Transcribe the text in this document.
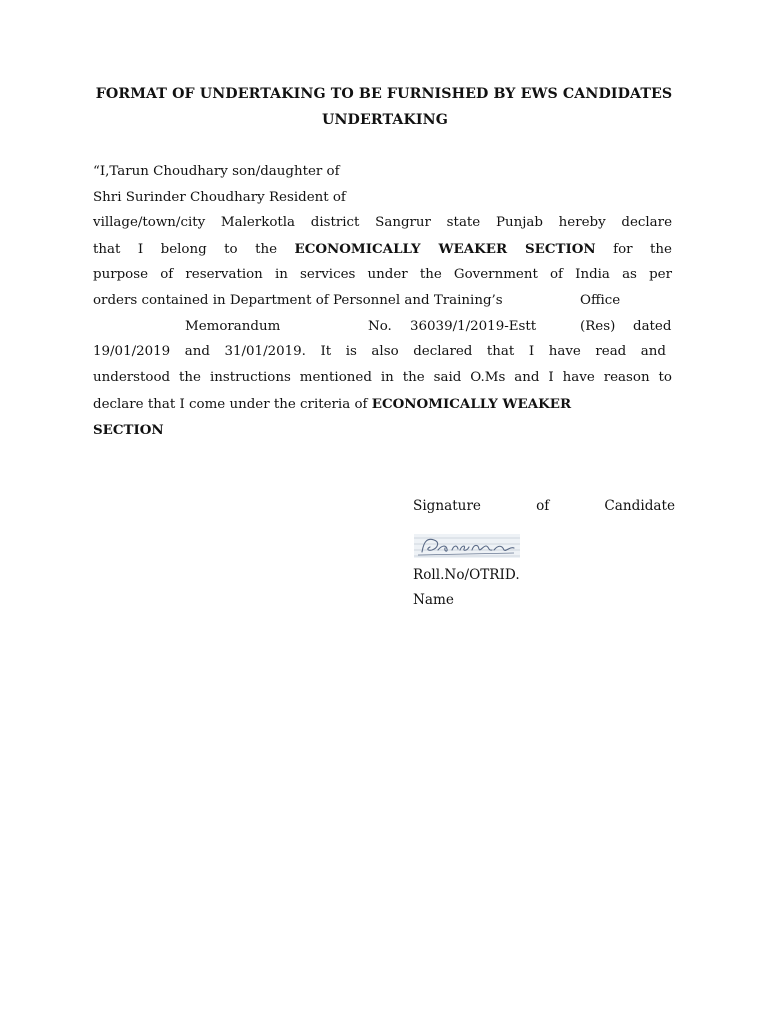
FORMAT OF UNDERTAKING TO BE FURNISHED BY EWS CANDIDATES
UNDERTAKING
“I,Tarun Choudhary son/daughter of
Shri Surinder Choudhary Resident of
village/town/city Malerkotla district Sangrur state Punjab hereby declare
that I belong to the ECONOMICALLY WEAKER SECTION for the
purpose of reservation in services under the Government of India as per
orders contained in Department of Personnel and Training’s	Office
Memorandum	No. 36039/1/2019-Estt	(Res) dated
19/01/2019 and 31/01/2019. It is also declared that I have read and
understood the instructions mentioned in the said O.Ms and I have reason to
declare that I come under the criteria of ECONOMICALLY WEAKER
SECTION
Signature	of	Candidate
Roll.No/OTRID.
Name
